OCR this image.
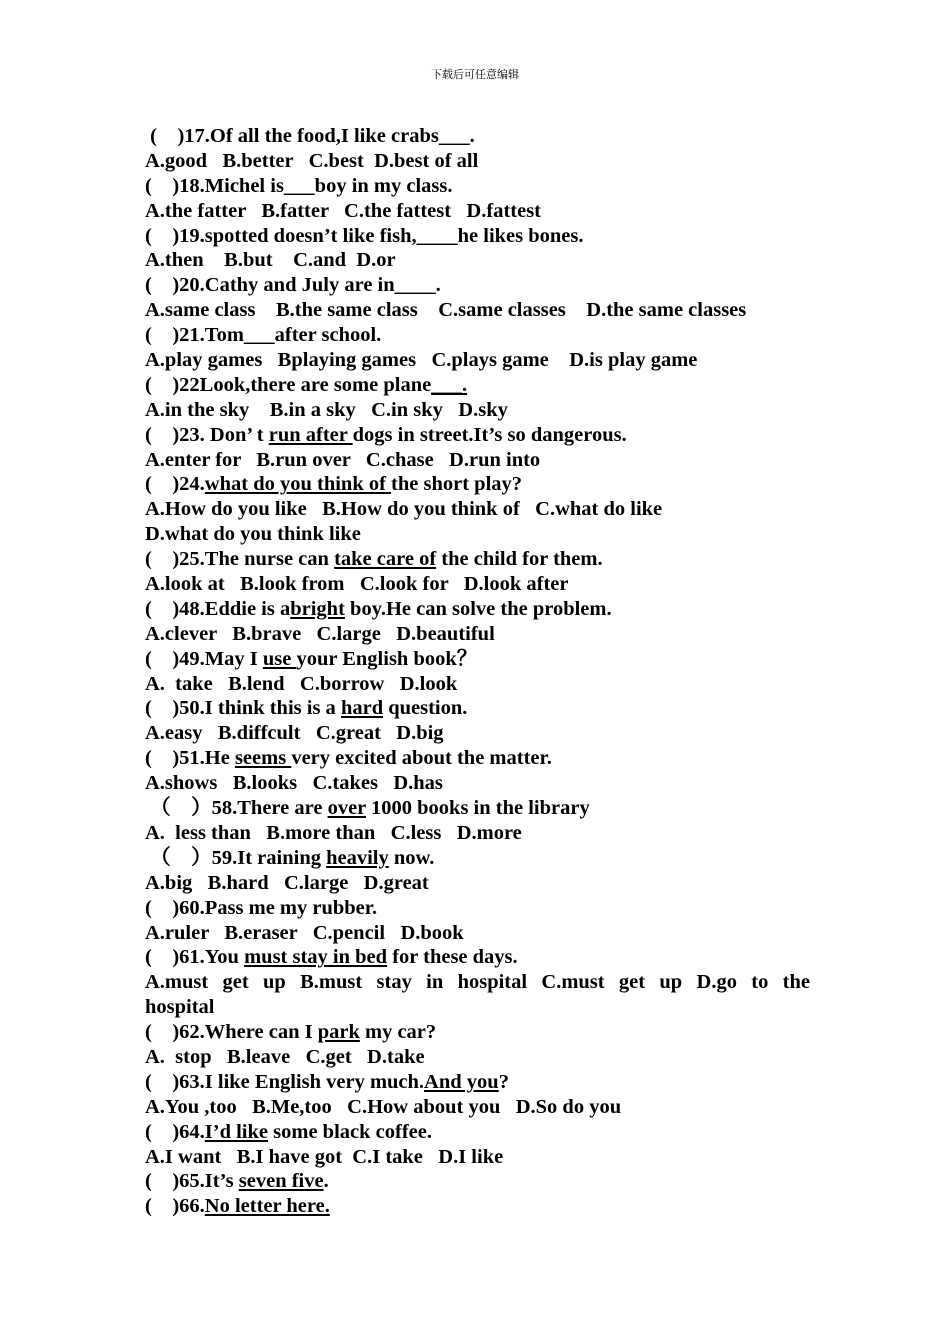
下载后可任意编辑
(    )17.Of all the food,I like crabs___.
A.good   B.better   C.best  D.best of all
(    )18.Michel is___boy in my class.
A.the fatter   B.fatter   C.the fattest   D.fattest
(    )19.spotted doesn’t like fish,____he likes bones.
A.then    B.but    C.and  D.or
(    )20.Cathy and July are in____.
A.same class    B.the same class    C.same classes    D.the same classes
(    )21.Tom___after school.
A.play games   Bplaying games   C.plays game    D.is play game
(    )22Look,there are some plane___.
A.in the sky    B.in a sky   C.in sky   D.sky
(    )23. Don’ t run after dogs in street.It’s so dangerous.
A.enter for   B.run over   C.chase   D.run into
(    )24.what do you think of the short play?
A.How do you like   B.How do you think of   C.what do like
D.what do you think like
(    )25.The nurse can take care of the child for them.
A.look at   B.look from   C.look for   D.look after
(    )48.Eddie is abright boy.He can solve the problem.
A.clever   B.brave   C.large   D.beautiful
(    )49.May I use your English book？
A.  take   B.lend   C.borrow   D.look
(    )50.I think this is a hard question.
A.easy   B.diffcult   C.great   D.big
(    )51.He seems very excited about the matter.
A.shows   B.looks   C.takes   D.has
（    ）58.There are over 1000 books in the library
A.  less than   B.more than   C.less   D.more
（    ）59.It raining heavily now.
A.big   B.hard   C.large   D.great
(    )60.Pass me my rubber.
A.ruler   B.eraser   C.pencil   D.book
(    )61.You must stay in bed for these days.
A.must get up B.must stay in hospital C.must get up D.go to the
hospital
(    )62.Where can I park my car?
A.  stop   B.leave   C.get   D.take
(    )63.I like English very much.And you?
A.You ,too   B.Me,too   C.How about you   D.So do you
(    )64.I’d like some black coffee.
A.I want   B.I have got  C.I take   D.I like
(    )65.It’s seven five.
(    )66.No letter here.
